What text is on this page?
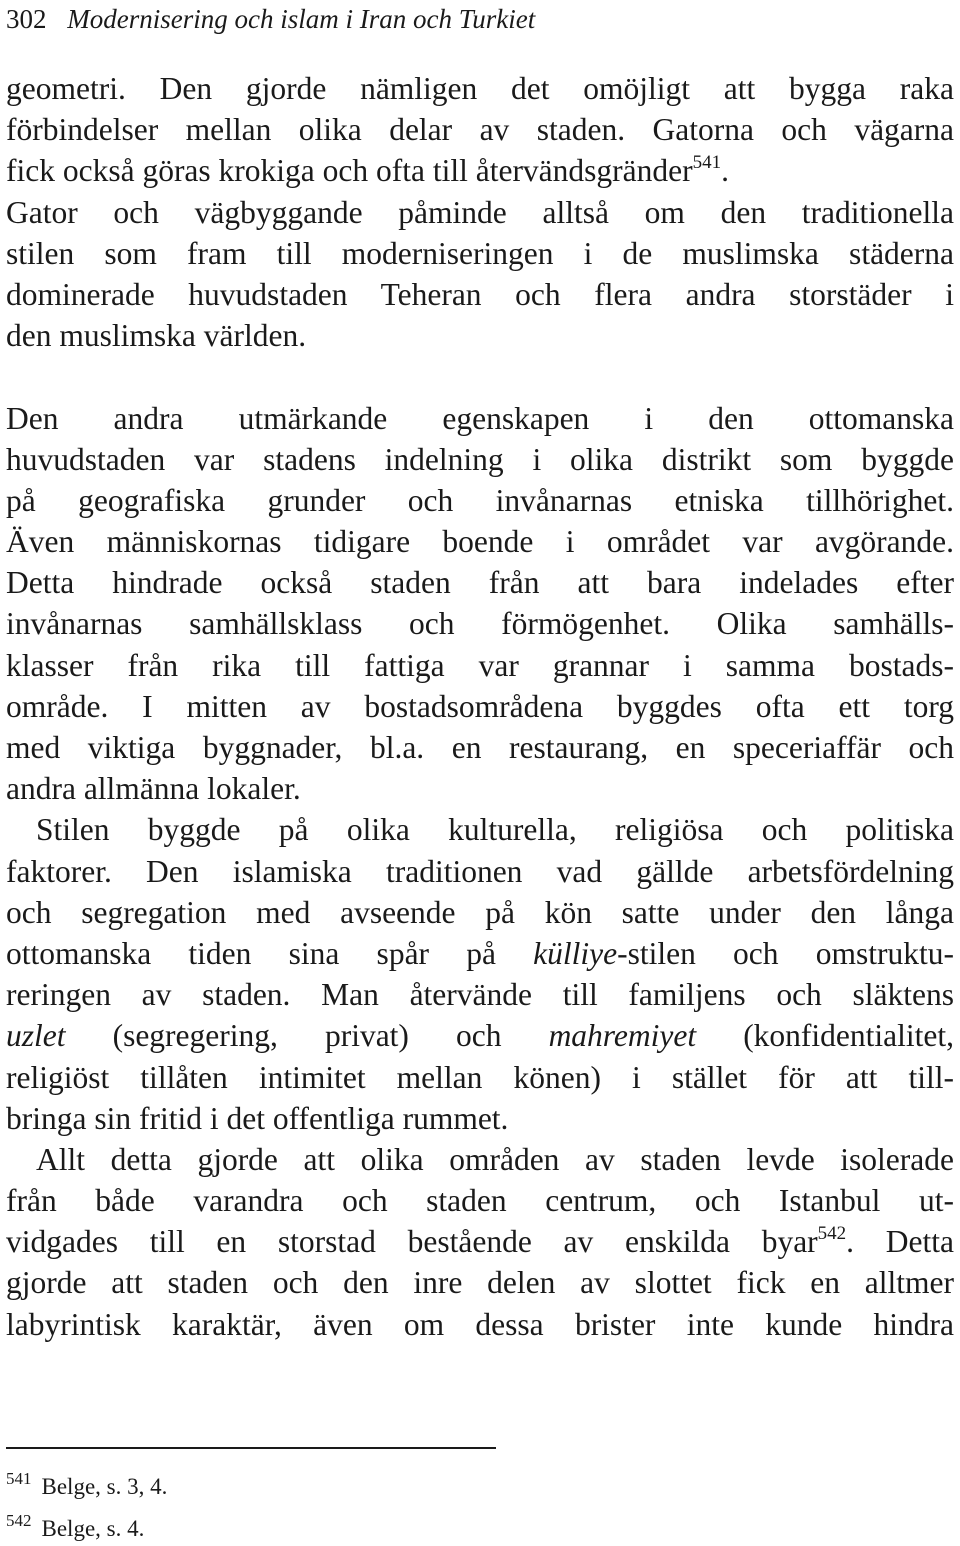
302 Modernisering och islam i Iran och Turkiet
geometri. Den gjorde nämligen det omöjligt att bygga raka
förbindelser mellan olika delar av staden. Gatorna och vägarna
fick också göras krokiga och ofta till återvändsgränder$^{541}$.
Gator och vägbyggande påminde alltså om den traditionella
stilen som fram till moderniseringen i de muslimska städerna
dominerade huvudstaden Teheran och flera andra storstäder i
den muslimska världen.
Den andra utmärkande egenskapen i den ottomanska
huvudstaden var stadens indelning i olika distrikt som byggde
på geografiska grunder och invånarnas etniska tillhörighet.
Även människornas tidigare boende i området var avgörande.
Detta hindrade också staden från att bara indelades efter
invånarnas samhällsklass och förmögenhet. Olika samhälls-
klasser från rika till fattiga var grannar i samma bostads-
område. I mitten av bostadsområdena byggdes ofta ett torg
med viktiga byggnader, bl.a. en restaurang, en speceriaffär och
andra allmänna lokaler.
Stilen byggde på olika kulturella, religiösa och politiska
faktorer. Den islamiska traditionen vad gällde arbetsfördelning
och segregation med avseende på kön satte under den långa
ottomanska tiden sina spår på külliye-stilen och omstruktu-
reringen av staden. Man återvände till familjens och släktens
uzlet (segregering, privat) och mahremiyet (konfidentialitet,
religiöst tillåten intimitet mellan könen) i stället för att till-
bringa sin fritid i det offentliga rummet.
Allt detta gjorde att olika områden av staden levde isolerade
från både varandra och staden centrum, och Istanbul ut-
vidgades till en storstad bestående av enskilda byar$^{542}$. Detta
gjorde att staden och den inre delen av slottet fick en alltmer
labyrintisk karaktär, även om dessa brister inte kunde hindra
$^{541}$ Belge, s. 3, 4.
$^{542}$ Belge, s. 4.
